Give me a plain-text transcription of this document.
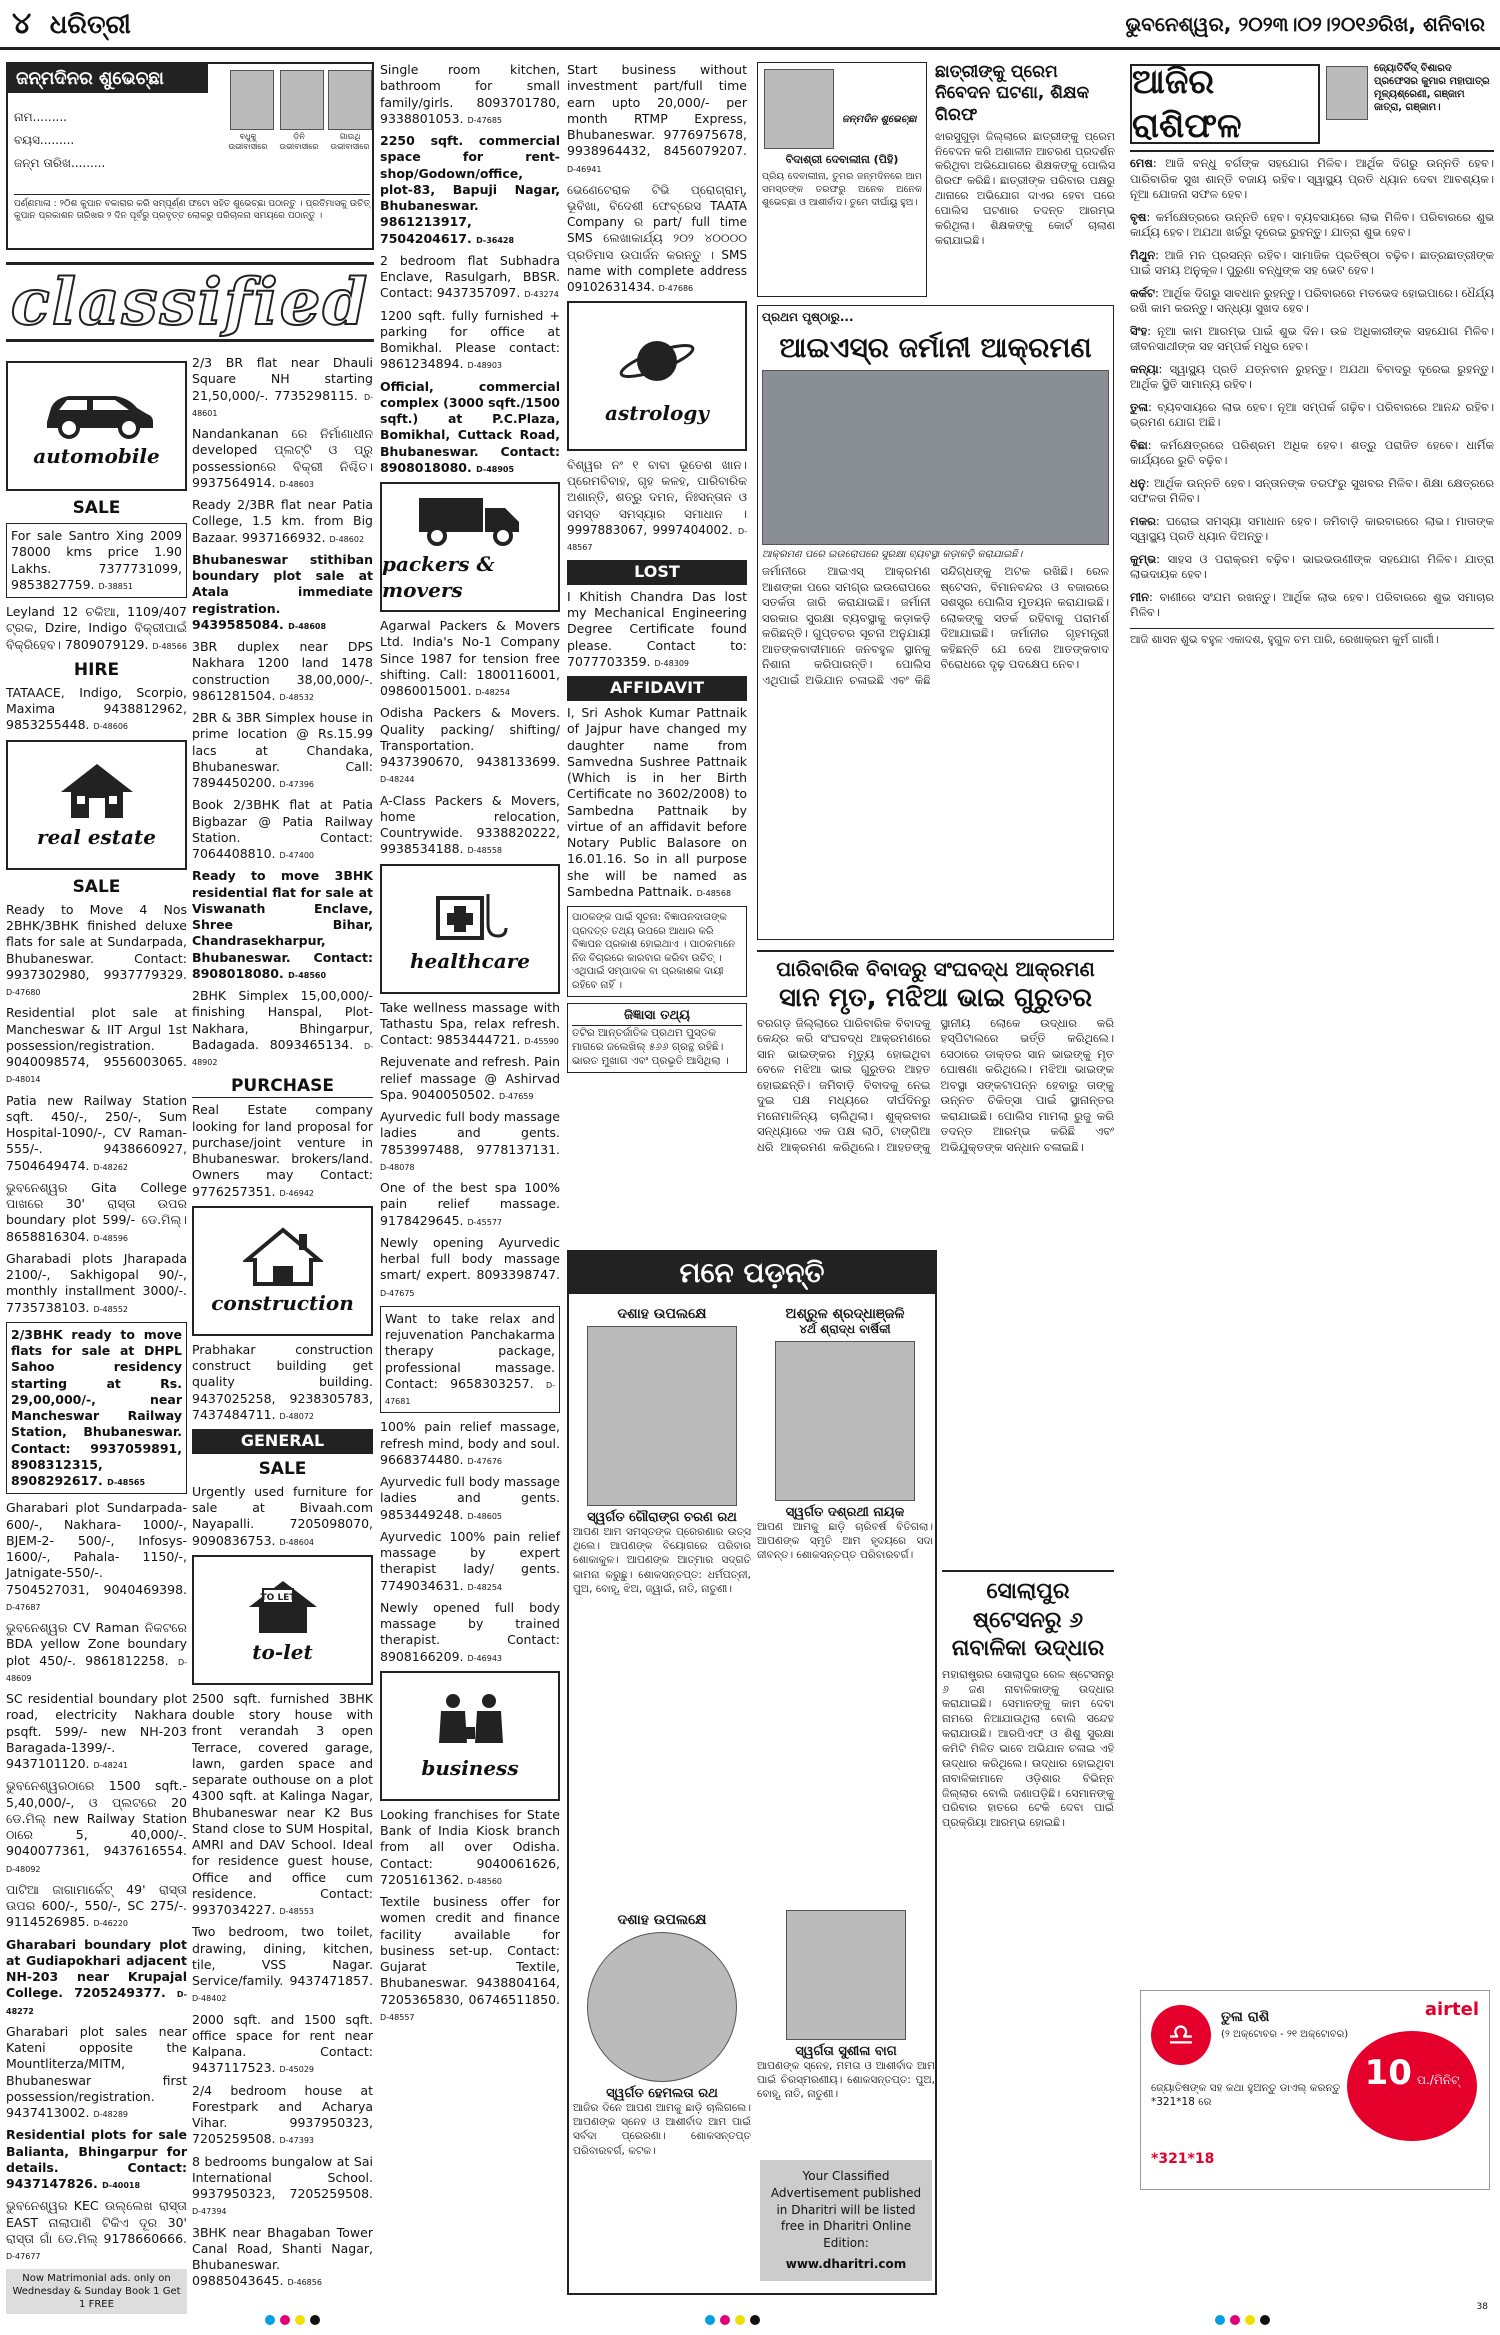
୪ ଧରିତ୍ରୀ	ଭୁବନେଶ୍ୱର, ୨୦୨୩।୦୨।୨୦୧୬ରିଖ, ଶନିବାର
ଜନ୍ମଦିନର ଶୁଭେଚ୍ଛା
ନାମ.........
ବୟସ.........
ଜନ୍ମ ତାରିଖ.........
ବଧୁକୁ ଉଭୀବାସୀରେ
ଡ଼ିନି ଉଭୀବାସୀରେ
ଗାଉଥି ଉଭୀବାସୀରେ
ପର୍ଣ୍ଣମାଳା : ୨୦ିଶ କୁପାନ ବକାରାର କରି ସମ୍ପୂର୍ଣ୍ଣ ଫଟୋ ସହିତ ଶୁଭେଚ୍ଛା ପଠାନ୍ତୁ । ପ୍ରତିମାସକୁ ଉଚିତ୍ କୁପାନ ପ୍ରକାଶନ ତାରିଖର ୨ ଦିନ ପୂର୍ବରୁ ପ୍ରବୃତ୍ତ ଲୋକରୁ ପରିଚାଳନା ସମୟରେ ପଠାନ୍ତୁ ।
classified
automobile
SALE
For sale Santro Xing 2009 78000 kms price 1.90 Lakhs. 7377731099, 9853827759. D-38851
Leyland 12 ଚକିଆ, 1109/407 ଟ୍ରକ, Dzire, Indigo ବିକ୍ରୀପାଇଁ ବିକ୍ରିହେବ। 7809079129. D-48566
HIRE
TATAACE, Indigo, Scorpio, Maxima 9438812962, 9853255448. D-48606
real estate
SALE
Ready to Move 4 Nos 2BHK/3BHK finished deluxe flats for sale at Sundarpada, Bhubaneswar. Contact: 9937302980, 9937779329. D-47680
Residential plot sale at Mancheswar & IIT Argul 1st possession/registration. 9040098574, 9556003065. D-48014
Patia new Railway Station sqft. 450/-, 250/-, Sum Hospital-1090/-, CV Raman-555/-. 9438660927, 7504649474. D-48262
ଭୁବନେଶ୍ୱର Gita College ପାଖରେ 30' ରାସ୍ତା ଉପର boundary plot 599/- ଡେ.ମିଲ୍। 8658816304. D-48596
Gharabadi plots Jharapada 2100/-, Sakhigopal 90/-, monthly installment 3000/-. 7735738103. D-48552
2/3BHK ready to move flats for sale at DHPL Sahoo residency starting at Rs. 29,00,000/-, near Mancheswar Railway Station, Bhubaneswar. Contact: 9937059891, 8908312315, 8908292617. D-48565
Gharabari plot Sundarpada-600/-, Nakhara- 1000/-, BJEM-2- 500/-, Infosys-1600/-, Pahala- 1150/-, Jatnigate-550/-. 7504527031, 9040469398. D-47687
ଭୁବନେଶ୍ୱର CV Raman ନିକଟରେ BDA yellow Zone boundary plot 450/-. 9861812258. D-48609
SC residential boundary plot road, electricity Nakhara psqft. 599/- new NH-203 Baragada-1399/-. 9437101120. D-48241
ଭୁବନେଶ୍ୱରଠାରେ 1500 sqft.- 5,40,000/-, ଓ ପ୍ଲଟରେ 20 ଡେ.ମିଲ୍ new Railway Station ଠାରେ 5, 40,000/-. 9040077361, 9437616554. D-48092
ପାଟିଆ ଜାଗାମାର୍କେଟ୍ 49' ରାସ୍ତା ଉପର 600/-, 550/-, SC 275/-. 9114526985. D-46220
Gharabari boundary plot at Gudiapokhari adjacent NH-203 near Krupajal College. 7205249377. D-48272
Gharabari plot sales near Kateni opposite the Mountliterza/MITM, Bhubaneswar first possession/registration. 9437413002. D-48289
Residential plots for sale Balianta, Bhingarpur for details. Contact: 9437147826. D-40018
ଭୁବନେଶ୍ୱର KEC ଉଲ୍ଲେଖ ରାସ୍ତା EAST ନାଲାପାଣି ଟିକିଏ ଦୂର 30' ରାସ୍ତା ଗାଁ ଡେ.ମିଲ୍ 9178660666. D-47677
Now Matrimonial ads. only on Wednesday & Sunday Book 1 Get 1 FREE
2/3 BR flat near Dhauli Square NH starting 21,50,000/-. 7735298115. D-48601
Nandankanan ରେ ନିର୍ମାଣାଧୀନ developed ପ୍ଲଟ୍ଟି ଓ ପ୍ରୁ possessionରେ ବିକ୍ରୀ ନିଶ୍ଚିତ। 9937564914. D-48603
Ready 2/3BR flat near Patia College, 1.5 km. from Big Bazaar. 9937166932. D-48602
Bhubaneswar stithiban boundary plot sale at Atala immediate registration. 9439585084. D-48608
3BR duplex near DPS Nakhara 1200 land 1478 construction 38,00,000/-. 9861281504. D-48532
2BR & 3BR Simplex house in prime location @ Rs.15.99 lacs at Chandaka, Bhubaneswar. Call: 7894450200. D-47396
Book 2/3BHK flat at Patia Bigbazar @ Patia Railway Station. Contact: 7064408810. D-47400
Ready to move 3BHK residential flat for sale at Viswanath Enclave, Shree Bihar, Chandrasekharpur, Bhubaneswar. Contact: 8908018080. D-48560
2BHK Simplex 15,00,000/- finishing Hanspal, Plot-Nakhara, Bhingarpur, Badagada. 8093465134. D-48902
PURCHASE
Real Estate company looking for land proposal for purchase/joint venture in Bhubaneswar. brokers/land. Owners may Contact: 9776257351. D-46942
construction
Prabhakar construction construct building get quality building. 9437025258, 9238305783, 7437484711. D-48072
GENERAL
SALE
Urgently used furniture for sale at Bivaah.com Nayapalli. 7205098070, 9090836753. D-48604
TO LET
to-let
2500 sqft. furnished 3BHK double story house with front verandah 3 open Terrace, covered garage, lawn, garden space and separate outhouse on a plot 4300 sqft. at Kalinga Nagar, Bhubaneswar near K2 Bus Stand close to SUM Hospital, AMRI and DAV School. Ideal for residence guest house, Office and office cum residence. Contact: 9937034227. D-48553
Two bedroom, two toilet, drawing, dining, kitchen, tile, VSS Nagar. Service/family. 9437471857. D-48402
2000 sqft. and 1500 sqft. office space for rent near Kalpana. Contact: 9437117523. D-45029
2/4 bedroom house at Forestpark and Acharya Vihar. 9937950323, 7205259508. D-47393
8 bedrooms bungalow at Sai International School. 9937950323, 7205259508. D-47394
3BHK near Bhagaban Tower Canal Road, Shanti Nagar, Bhubaneswar. 09885043645. D-46856
Single room kitchen, bathroom for small family/girls. 8093701780, 9338801053. D-47685
2250 sqft. commercial space for rent-shop/Godown/office, plot-83, Bapuji Nagar, Bhubaneswar. 9861213917, 7504204617. D-36428
2 bedroom flat Subhadra Enclave, Rasulgarh, BBSR. Contact: 9437357097. D-43274
1200 sqft. fully furnished + parking for office at Bomikhal. Please contact: 9861234894. D-48903
Official, commercial complex (3000 sqft./1500 sqft.) at P.C.Plaza, Bomikhal, Cuttack Road, Bhubaneswar. Contact: 8908018080. D-48905
packers & movers
Agarwal Packers & Movers Ltd. India's No-1 Company Since 1987 for tension free shifting. Call: 1800116001, 09860015001. D-48254
Odisha Packers & Movers. Quality packing/ shifting/ Transportation. 9437390670, 9438133699. D-48244
A-Class Packers & Movers, home relocation, Countrywide. 9338820222, 9938534188. D-48558
healthcare
Take wellness massage with Tathastu Spa, relax refresh. Contact: 9853444721. D-45590
Rejuvenate and refresh. Pain relief massage @ Ashirvad Spa. 9040050502. D-47659
Ayurvedic full body massage ladies and gents. 7853997488, 9778137131. D-48078
One of the best spa 100% pain relief massage. 9178429645. D-45577
Newly opening Ayurvedic herbal full body massage smart/ expert. 8093398747. D-47675
Want to take relax and rejuvenation Panchakarma therapy package, professional massage. Contact: 9658303257. D-47681
100% pain relief massage, refresh mind, body and soul. 9668374480. D-47676
Ayurvedic full body massage ladies and gents. 9853449248. D-48605
Ayurvedic 100% pain relief massage by expert therapist lady/ gents. 7749034631. D-48254
Newly opened full body massage by trained therapist. Contact: 8908166209. D-46943
business
Looking franchises for State Bank of India Kiosk branch from all over Odisha. Contact: 9040061626, 7205161362. D-48560
Textile business offer for women credit and finance facility available for business set-up. Contact: Gujarat Textile, Bhubaneswar. 9438804164, 7205365830, 06746511850. D-48557
Start business without investment part/full time earn upto 20,000/- per month RTMP Express, Bhubaneswar. 9776975678, 9938964432, 8456079207. D-46941
ଭେଣେଟେରାକ ଟିଭି ପ୍ରୋଗ୍ରାମ୍, ଭୂବିଖା, ବିଦେଶୀ ଫେବ୍ରେସ TAATA Company ର part/ full time SMS ଲେଖାକାର୍ଯ୍ୟ ୨୦୨ ୪୦୦୦୦ ପ୍ରତିମାସ ଉପାର୍ଜନ କରନ୍ତୁ । SMS name with complete address 09102631434. D-47686
astrology
ବିଶ୍ୱର ନଂ ୧ ବାବା ଭୂତେଶ ଖାନ। ପ୍ରେମବିବାହ, ଗୃହ କଳହ, ପାରିବାରିକ ଅଶାନ୍ତି, ଶତ୍ରୁ ଦମନ, ନିଃସନ୍ତାନ ଓ ସମସ୍ତ ସମସ୍ୟାର ସମାଧାନ । 9997883067, 9997404002. D-48567
LOST
I Khitish Chandra Das lost my Mechanical Engineering Degree Certificate found please. Contact to: 7077703359. D-48309
AFFIDAVIT
I, Sri Ashok Kumar Pattnaik of Jajpur have changed my daughter name from Samvedna Sushree Pattnaik (Which is in her Birth Certificate no 3602/2008) to Sambedna Pattnaik by virtue of an affidavit before Notary Public Balasore on 16.01.16. So in all purpose she will be named as Sambedna Pattnaik. D-48568
ପାଠକଙ୍କ ପାଇଁ ସୂଚନା: ବିଜ୍ଞାପନଦାତାଙ୍କ ପ୍ରଦତ୍ତ ତଥ୍ୟ ଉପରେ ଆଧାର କରି ବିଜ୍ଞାପନ ପ୍ରକାଶ ହୋଇଥାଏ । ପାଠକମାନେ ନିଜ ବିଚାରରେ କାରବାର କରିବା ଉଚିତ୍ । ଏଥିପାଇଁ ସମ୍ପାଦକ ବା ପ୍ରକାଶକ ଦାୟୀ ରହିବେ ନାହିଁ ।
ଜିଜ୍ଞାସା ତଥ୍ୟ
ତଟିର ଆନ୍ତର୍ଜାତିକ ପ୍ରଥମ ପୁସ୍ତକ ମାଗରେ ଜଲେଖିଲ୍ ୫୬୬ ଗ୍ରନ୍ଥ ରହିଛି। ଭାରତ ମୁଖାଗ ଏବଂ ପ୍ରଭୃତି ଆସିଥିଲା ।
ମନେ ପଡ଼ନ୍ତି
ଦଶାହ ଉପଲକ୍ଷେ
ସ୍ୱର୍ଗତ ଗୌରାଙ୍ଗ ଚରଣ ରଥ
ଆପଣ ଆମ ସମସ୍ତଙ୍କ ପ୍ରେରଣାର ଉତ୍ସ ଥିଲେ। ଆପଣଙ୍କ ବିୟୋଗରେ ପରିବାର ଶୋକାକୁଳ। ଆପଣଙ୍କ ଆତ୍ମାର ସଦ୍ଗତି କାମନା କରୁଛୁ। ଶୋକସନ୍ତପ୍ତ: ଧର୍ମପତ୍ନୀ, ପୁଅ, ବୋହୂ, ଝିଅ, ଜ୍ୱାଇଁ, ନାତି, ନାତୁଣୀ।
ଦଶାହ ଉପଲକ୍ଷେ
ସ୍ୱର୍ଗତ ହେମଲତା ରଥ
ଆଜିର ଦିନେ ଆପଣ ଆମକୁ ଛାଡ଼ି ଚାଲିଗଲେ। ଆପଣଙ୍କ ସ୍ନେହ ଓ ଆଶୀର୍ବାଦ ଆମ ପାଇଁ ସର୍ବଦା ପ୍ରେରଣା। ଶୋକସନ୍ତପ୍ତ ପରିବାରବର୍ଗ, କଟକ।
ଅଶ୍ରୁଳ ଶ୍ରଦ୍ଧାଞ୍ଜଳି
୪ର୍ଥ ଶ୍ରାଦ୍ଧ ବାର୍ଷିକୀ
ସ୍ୱର୍ଗତ ଦଶ୍ରଥୀ ନାୟକ
ଆପଣ ଆମକୁ ଛାଡ଼ି ଚାରିବର୍ଷ ବିତିଗଲା। ଆପଣଙ୍କ ସ୍ମୃତି ଆମ ହୃଦୟରେ ସଦା ଜୀବନ୍ତ। ଶୋକସନ୍ତପ୍ତ ପରିବାରବର୍ଗ।
ଜନ୍ମଦିନ ଶୁଭେଚ୍ଛା
ବିଦାଶ୍ରୀ ଦେବାଲୀନା (ପିହି)
ପ୍ରିୟ ଦେବାଲୀନା, ତୁମର ଜନ୍ମଦିନରେ ଆମ ସମସ୍ତଙ୍କ ତରଫରୁ ଅନେକ ଅନେକ ଶୁଭେଚ୍ଛା ଓ ଆଶୀର୍ବାଦ। ତୁମେ ଦୀର୍ଘାୟୁ ହୁଅ।
ଛାତ୍ରୀଙ୍କୁ ପ୍ରେମ ନିବେଦନ ଘଟଣା, ଶିକ୍ଷକ ଗିରଫ
ଝାରସୁଗୁଡ଼ା ଜିଲ୍ଲାରେ ଛାତ୍ରୀଙ୍କୁ ପ୍ରେମ ନିବେଦନ କରି ଅଶାଳୀନ ଆଚରଣ ପ୍ରଦର୍ଶନ କରିଥିବା ଅଭିଯୋଗରେ ଶିକ୍ଷକଙ୍କୁ ପୋଲିସ ଗିରଫ କରିଛି। ଛାତ୍ରୀଙ୍କ ପରିବାର ପକ୍ଷରୁ ଥାନାରେ ଅଭିଯୋଗ ଦାଏର ହେବା ପରେ ପୋଲିସ ଘଟଣାର ତଦନ୍ତ ଆରମ୍ଭ କରିଥିଲା। ଶିକ୍ଷକଙ୍କୁ କୋର୍ଟ ଚାଲାଣ କରାଯାଇଛି।
ପ୍ରଥମ ପୃଷ୍ଠାରୁ...
ଆଇଏସ୍ର ଜର୍ମାନୀ ଆକ୍ରମଣ
ଆକ୍ରମଣ ପରେ ଇଉରୋପରେ ସୁରକ୍ଷା ବ୍ୟବସ୍ଥା କଡ଼ାକଡ଼ି କରାଯାଇଛି।
ଜର୍ମାନୀରେ ଆଇଏସ୍ ଆକ୍ରମଣ ଆଶଙ୍କା ପରେ ସମଗ୍ର ଇଉରୋପରେ ସତର୍କତା ଜାରି କରାଯାଇଛି। ଜର୍ମାନୀ ସରକାର ସୁରକ୍ଷା ବ୍ୟବସ୍ଥାକୁ କଡ଼ାକଡ଼ି କରିଛନ୍ତି। ଗୁପ୍ତଚର ସୂଚନା ଅନୁଯାୟୀ ଆତଙ୍କବାଦୀମାନେ ଜନବହୁଳ ସ୍ଥାନକୁ ନିଶାନା କରିପାରନ୍ତି। ପୋଲିସ ଏଥିପାଇଁ ଅଭିଯାନ ଚଳାଇଛି ଏବଂ କିଛି ସନ୍ଦିଗ୍ଧଙ୍କୁ ଅଟକ ରଖିଛି। ରେଳ ଷ୍ଟେସନ, ବିମାନବନ୍ଦର ଓ ବଜାରରେ ସଶସ୍ତ୍ର ପୋଲିସ ମୁତୟନ କରାଯାଇଛି। ଲୋକଙ୍କୁ ସତର୍କ ରହିବାକୁ ପରାମର୍ଶ ଦିଆଯାଇଛି। ଜର୍ମାନୀର ଗୃହମନ୍ତ୍ରୀ କହିଛନ୍ତି ଯେ ଦେଶ ଆତଙ୍କବାଦ ବିରୋଧରେ ଦୃଢ଼ ପଦକ୍ଷେପ ନେବ।
ପାରିବାରିକ ବିବାଦରୁ ସଂଘବଦ୍ଧ ଆକ୍ରମଣ
ସାନ ମୃତ, ମଝିଆ ଭାଇ ଗୁରୁତର
ବରଗଡ଼ ଜିଲ୍ଲାରେ ପାରିବାରିକ ବିବାଦକୁ କେନ୍ଦ୍ର କରି ସଂଘବଦ୍ଧ ଆକ୍ରମଣରେ ସାନ ଭାଇଙ୍କର ମୃତ୍ୟୁ ହୋଇଥିବା ବେଳେ ମଝିଆ ଭାଇ ଗୁରୁତର ଆହତ ହୋଇଛନ୍ତି। ଜମିବାଡ଼ି ବିବାଦକୁ ନେଇ ଦୁଇ ପକ୍ଷ ମଧ୍ୟରେ ଦୀର୍ଘଦିନରୁ ମନୋମାଳିନ୍ୟ ଚାଲିଥିଲା। ଶୁକ୍ରବାର ସନ୍ଧ୍ୟାରେ ଏକ ପକ୍ଷ ଲାଠି, ଟାଙ୍ଗିଆ ଧରି ଆକ୍ରମଣ କରିଥିଲେ। ଆହତଙ୍କୁ ସ୍ଥାନୀୟ ଲୋକେ ଉଦ୍ଧାର କରି ହସ୍ପିଟାଲରେ ଭର୍ତ୍ତି କରିଥିଲେ। ସେଠାରେ ଡାକ୍ତର ସାନ ଭାଇଙ୍କୁ ମୃତ ଘୋଷଣା କରିଥିଲେ। ମଝିଆ ଭାଇଙ୍କ ଅବସ୍ଥା ସଙ୍କଟାପନ୍ନ ହେବାରୁ ତାଙ୍କୁ ଉନ୍ନତ ଚିକିତ୍ସା ପାଇଁ ସ୍ଥାନାନ୍ତର କରାଯାଇଛି। ପୋଲିସ ମାମଲା ରୁଜୁ କରି ତଦନ୍ତ ଆରମ୍ଭ କରିଛି ଏବଂ ଅଭିଯୁକ୍ତଙ୍କ ସନ୍ଧାନ ଚଳାଇଛି।
ସୋଲାପୁର ଷ୍ଟେସନରୁ ୬ ନାବାଳିକା ଉଦ୍ଧାର
ମହାରାଷ୍ଟ୍ରର ସୋଲାପୁର ରେଳ ଷ୍ଟେସନରୁ ୬ ଜଣ ନାବାଳିକାଙ୍କୁ ଉଦ୍ଧାର କରାଯାଇଛି। ସେମାନଙ୍କୁ କାମ ଦେବା ନାମରେ ନିଆଯାଉଥିଲା ବୋଲି ସନ୍ଦେହ କରାଯାଉଛି। ଆରପିଏଫ୍ ଓ ଶିଶୁ ସୁରକ୍ଷା କମିଟି ମିଳିତ ଭାବେ ଅଭିଯାନ ଚଳାଇ ଏହି ଉଦ୍ଧାର କରିଥିଲେ। ଉଦ୍ଧାର ହୋଇଥିବା ନାବାଳିକାମାନେ ଓଡ଼ିଶାର ବିଭିନ୍ନ ଜିଲ୍ଲାର ବୋଲି ଜଣାପଡ଼ିଛି। ସେମାନଙ୍କୁ ପରିବାର ହାତରେ ଟେକି ଦେବା ପାଇଁ ପ୍ରକ୍ରିୟା ଆରମ୍ଭ ହୋଇଛି।
ସ୍ୱର୍ଗତା ସୁଶୀଳା ବାଗ
ଆପଣଙ୍କ ସ୍ନେହ, ମମତା ଓ ଆଶୀର୍ବାଦ ଆମ ପାଇଁ ଚିରସ୍ମରଣୀୟ। ଶୋକସନ୍ତପ୍ତ: ପୁଅ, ବୋହୂ, ନାତି, ନାତୁଣୀ।
Your Classified Advertisement published in Dharitri will be listed free in Dharitri Online Edition:
www.dharitri.com
ଆଜିର ରାଶିଫଳ
ଜ୍ୟୋତିର୍ବିଦ୍ ବିଶାରଦ ପ୍ରଫେସର କୁମାର ମହାପାତ୍ର ମୂଳ୍ୟଶ୍ରେଣୀ, ଗଞ୍ଜାମ ଜାତ୍ରା, ଗଞ୍ଜାମ।
ମେଷ: ଆଜି ବନ୍ଧୁ ବର୍ଗଙ୍କ ସହଯୋଗ ମିଳିବ। ଆର୍ଥିକ ଦିଗରୁ ଉନ୍ନତି ହେବ। ପାରିବାରିକ ସୁଖ ଶାନ୍ତି ବଜାୟ ରହିବ। ସ୍ୱାସ୍ଥ୍ୟ ପ୍ରତି ଧ୍ୟାନ ଦେବା ଆବଶ୍ୟକ। ନୂଆ ଯୋଜନା ସଫଳ ହେବ।
ବୃଷ: କର୍ମକ୍ଷେତ୍ରରେ ଉନ୍ନତି ହେବ। ବ୍ୟବସାୟରେ ଲାଭ ମିଳିବ। ପରିବାରରେ ଶୁଭ କାର୍ଯ୍ୟ ହେବ। ଅଯଥା ଖର୍ଚ୍ଚରୁ ଦୂରେଇ ରୁହନ୍ତୁ। ଯାତ୍ରା ଶୁଭ ହେବ।
ମିଥୁନ: ଆଜି ମନ ପ୍ରସନ୍ନ ରହିବ। ସାମାଜିକ ପ୍ରତିଷ୍ଠା ବଢ଼ିବ। ଛାତ୍ରଛାତ୍ରୀଙ୍କ ପାଇଁ ସମୟ ଅନୁକୂଳ। ପୁରୁଣା ବନ୍ଧୁଙ୍କ ସହ ଭେଟ ହେବ।
କର୍କଟ: ଆର୍ଥିକ ଦିଗରୁ ସାବଧାନ ରୁହନ୍ତୁ। ପରିବାରରେ ମତଭେଦ ହୋଇପାରେ। ଧୈର୍ଯ୍ୟ ରଖି କାମ କରନ୍ତୁ। ସନ୍ଧ୍ୟା ସୁଖଦ ହେବ।
ସିଂହ: ନୂଆ କାମ ଆରମ୍ଭ ପାଇଁ ଶୁଭ ଦିନ। ଉଚ୍ଚ ଅଧିକାରୀଙ୍କ ସହଯୋଗ ମିଳିବ। ଜୀବନସାଥୀଙ୍କ ସହ ସମ୍ପର୍କ ମଧୁର ହେବ।
କନ୍ୟା: ସ୍ୱାସ୍ଥ୍ୟ ପ୍ରତି ଯତ୍ନବାନ ରୁହନ୍ତୁ। ଅଯଥା ବିବାଦରୁ ଦୂରେଇ ରୁହନ୍ତୁ। ଆର୍ଥିକ ସ୍ଥିତି ସାମାନ୍ୟ ରହିବ।
ତୁଳା: ବ୍ୟବସାୟରେ ଲାଭ ହେବ। ନୂଆ ସମ୍ପର୍କ ଗଢ଼ିବ। ପରିବାରରେ ଆନନ୍ଦ ରହିବ। ଭ୍ରମଣ ଯୋଗ ଅଛି।
ବିଛା: କର୍ମକ୍ଷେତ୍ରରେ ପରିଶ୍ରମ ଅଧିକ ହେବ। ଶତ୍ରୁ ପରାଜିତ ହେବେ। ଧାର୍ମିକ କାର୍ଯ୍ୟରେ ରୁଚି ବଢ଼ିବ।
ଧନୁ: ଆର୍ଥିକ ଉନ୍ନତି ହେବ। ସନ୍ତାନଙ୍କ ତରଫରୁ ସୁଖବର ମିଳିବ। ଶିକ୍ଷା କ୍ଷେତ୍ରରେ ସଫଳତା ମିଳିବ।
ମକର: ଘରୋଇ ସମସ୍ୟା ସମାଧାନ ହେବ। ଜମିବାଡ଼ି କାରବାରରେ ଲାଭ। ମାତାଙ୍କ ସ୍ୱାସ୍ଥ୍ୟ ପ୍ରତି ଧ୍ୟାନ ଦିଅନ୍ତୁ।
କୁମ୍ଭ: ସାହସ ଓ ପରାକ୍ରମ ବଢ଼ିବ। ଭାଇଭଉଣୀଙ୍କ ସହଯୋଗ ମିଳିବ। ଯାତ୍ରା ଲାଭଦାୟକ ହେବ।
ମୀନ: ବାଣୀରେ ସଂଯମ ରଖନ୍ତୁ। ଆର୍ଥିକ ଲାଭ ହେବ। ପରିବାରରେ ଶୁଭ ସମାଚାର ମିଳିବ।
ଆଜି ଶାସନ ଶୁଭ ବହୁଳ ଏକାଦଶ, ହୁଗୁଳ ଚମ ପାରି, ରେଖାକ୍ରମ କୁର୍ମ ଗାର୍ଗୀ।
airtel
♎
ତୁଳା ରାଶି
(୨ ଅକ୍ଟୋବର - ୨୧ ଅକ୍ଟୋବର)
10 ପ./ମିନିଟ୍
ଜ୍ୟୋତିଷଙ୍କ ସହ କଥା ହୁଅନ୍ତୁ ଡାଏଲ୍ କରନ୍ତୁ *321*18 ରେ
*321*18
38
